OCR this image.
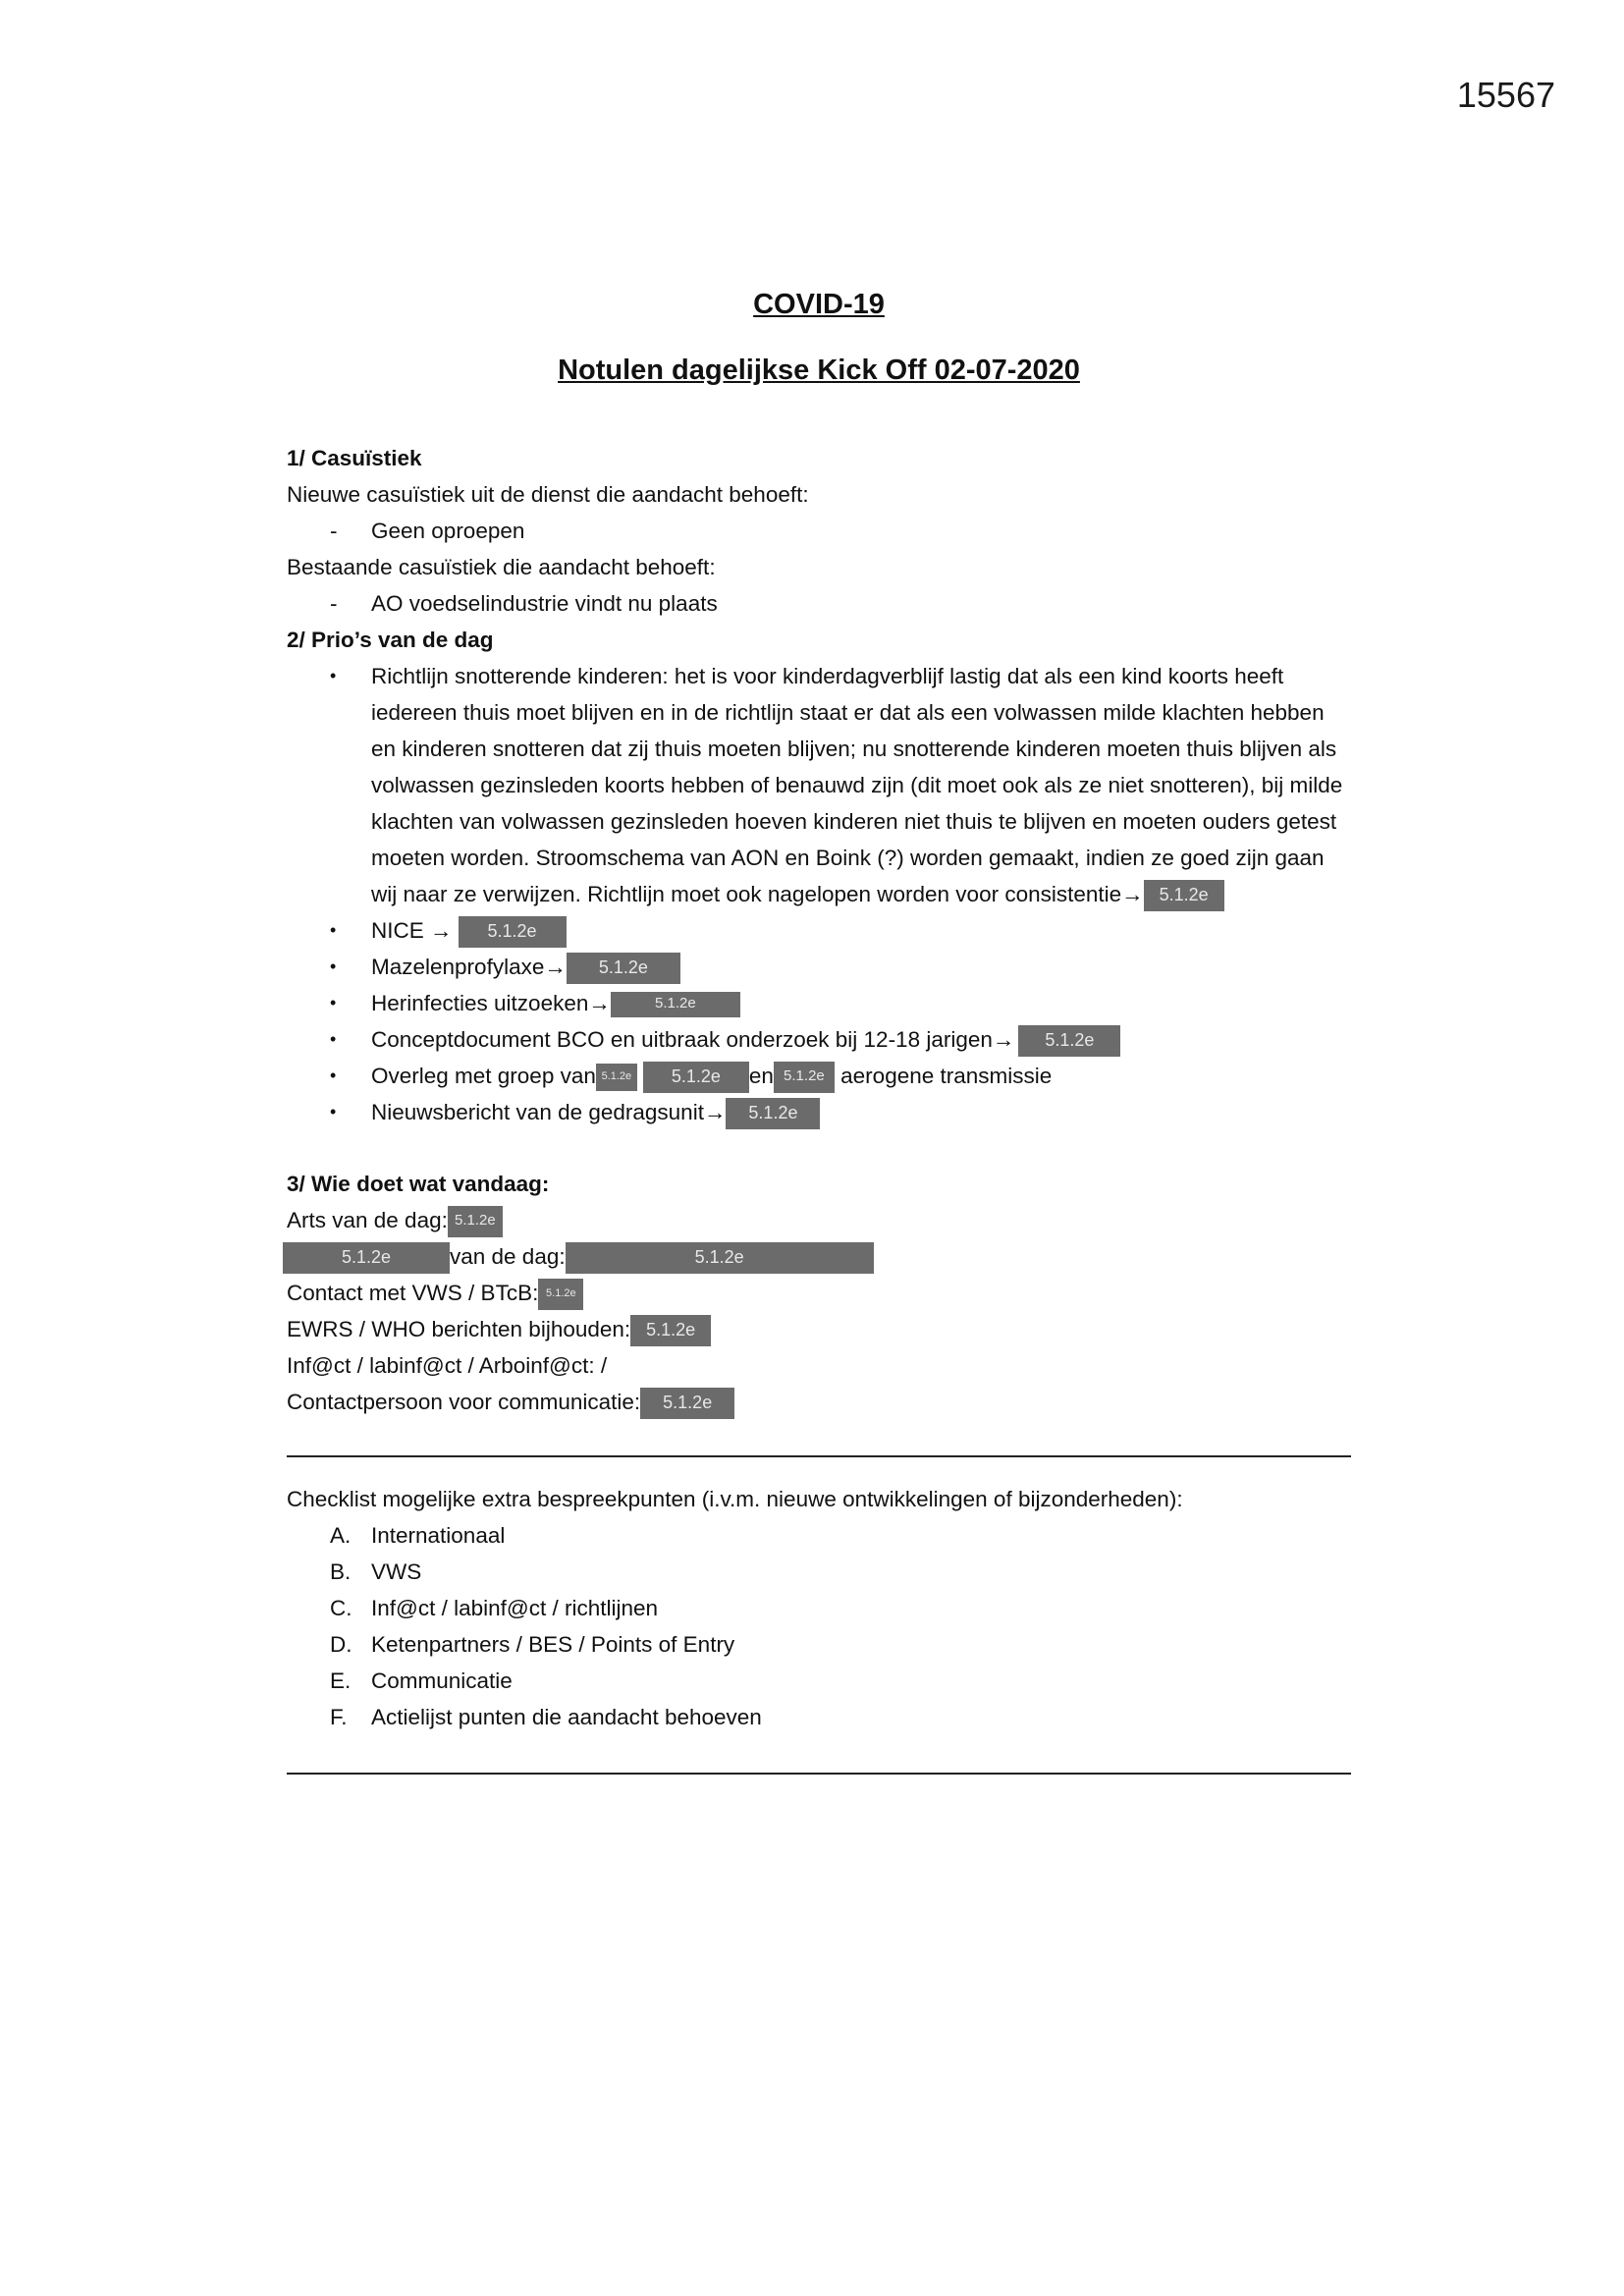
15567
COVID-19
Notulen dagelijkse Kick Off 02-07-2020

1/ Casuïstiek

Nieuwe casuïstiek uit de dienst die aandacht behoeft:

- Geen oproepen

Bestaande casuïstiek die aandacht behoeft:

- AO voedselindustrie vindt nu plaats

2/ Prio’s van de dag

• Richtlijn snotterende kinderen: het is voor kinderdagverblijf lastig dat als een kind koorts heeft iedereen thuis moet blijven en in de richtlijn staat er dat als een volwassen milde klachten hebben en kinderen snotteren dat zij thuis moeten blijven; nu snotterende kinderen moeten thuis blijven als volwassen gezinsleden koorts hebben of benauwd zijn (dit moet ook als ze niet snotteren), bij milde klachten van volwassen gezinsleden hoeven kinderen niet thuis te blijven en moeten ouders getest moeten worden. Stroomschema van AON en Boink (?) worden gemaakt, indien ze goed zijn gaan wij naar ze verwijzen. Richtlijn moet ook nagelopen worden voor consistentie→ 5.1.2e
• NICE → 5.1.2e
• Mazelenprofylaxe→ 5.1.2e
• Herinfecties uitzoeken→	5.1.2e
• Conceptdocument BCO en uitbraak onderzoek bij 12-18 jarigen→ 5.1.2e
• Overleg met groep van 5.1.2e 5.1.2e en 5.1.2e aerogene transmissie
• Nieuwsbericht van de gedragsunit→ 5.1.2e

3/ Wie doet wat vandaag:

Arts van de dag: 5.1.2e

5.1.2e	van de dag:	5.1.2e

Contact met VWS / BTcB: 5.1.2e

EWRS / WHO berichten bijhouden: 5.1.2e

Inf@ct / labinf@ct / Arboinf@ct: /

Contactpersoon voor communicatie: 5.1.2e

Checklist mogelijke extra bespreekpunten (i.v.m. nieuwe ontwikkelingen of bijzonderheden):

A. Internationaal
B. VWS
C. Inf@ct / labinf@ct / richtlijnen
D. Ketenpartners / BES / Points of Entry
E. Communicatie
F. Actielijst punten die aandacht behoeven
